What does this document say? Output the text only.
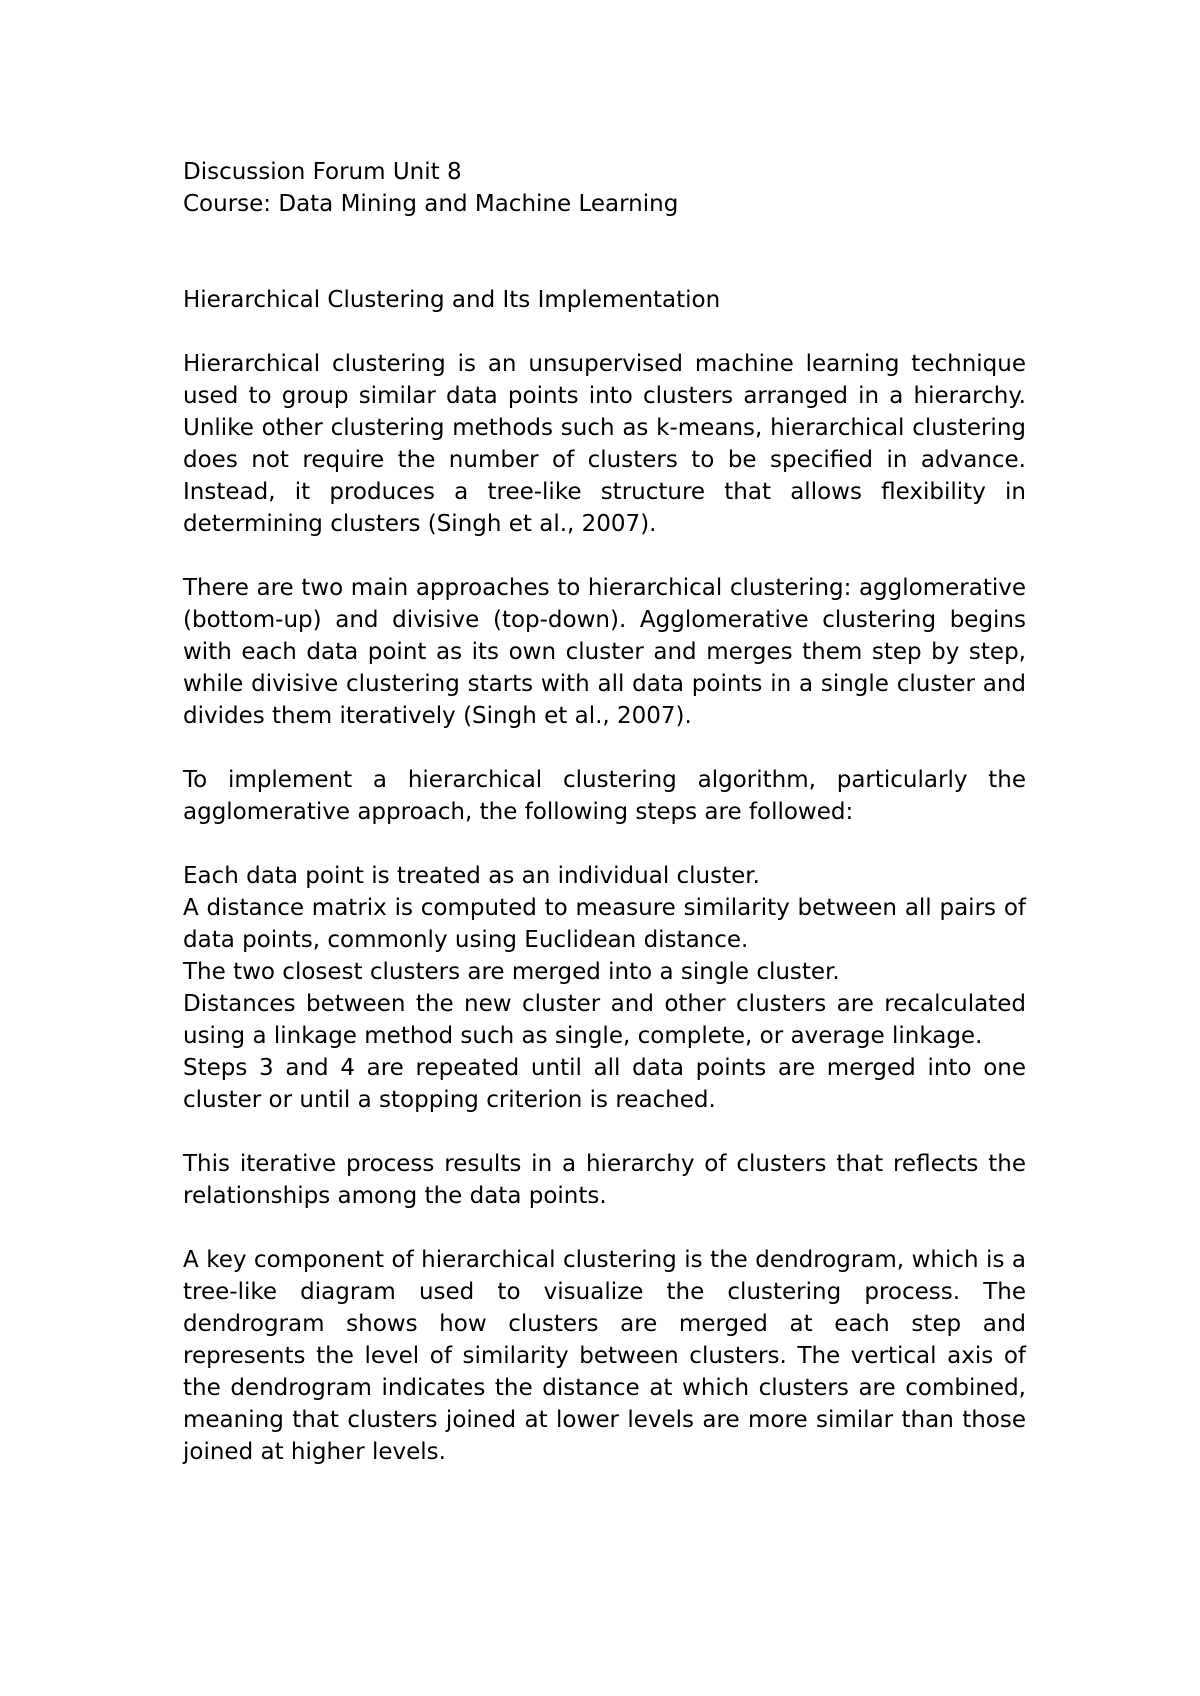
Discussion Forum Unit 8

Course: Data Mining and Machine Learning

Hierarchical Clustering and Its Implementation

Hierarchical clustering is an unsupervised machine learning technique used to group similar data points into clusters arranged in a hierarchy. Unlike other clustering methods such as k-means, hierarchical clustering does not require the number of clusters to be specified in advance. Instead, it produces a tree-like structure that allows flexibility in determining clusters (Singh et al., 2007).

There are two main approaches to hierarchical clustering: agglomerative (bottom-up) and divisive (top-down). Agglomerative clustering begins with each data point as its own cluster and merges them step by step, while divisive clustering starts with all data points in a single cluster and divides them iteratively (Singh et al., 2007).

To implement a hierarchical clustering algorithm, particularly the agglomerative approach, the following steps are followed:

Each data point is treated as an individual cluster.
A distance matrix is computed to measure similarity between all pairs of data points, commonly using Euclidean distance.
The two closest clusters are merged into a single cluster.
Distances between the new cluster and other clusters are recalculated using a linkage method such as single, complete, or average linkage.
Steps 3 and 4 are repeated until all data points are merged into one cluster or until a stopping criterion is reached.

This iterative process results in a hierarchy of clusters that reflects the relationships among the data points.

A key component of hierarchical clustering is the dendrogram, which is a tree-like diagram used to visualize the clustering process. The dendrogram shows how clusters are merged at each step and represents the level of similarity between clusters. The vertical axis of the dendrogram indicates the distance at which clusters are combined, meaning that clusters joined at lower levels are more similar than those joined at higher levels.
